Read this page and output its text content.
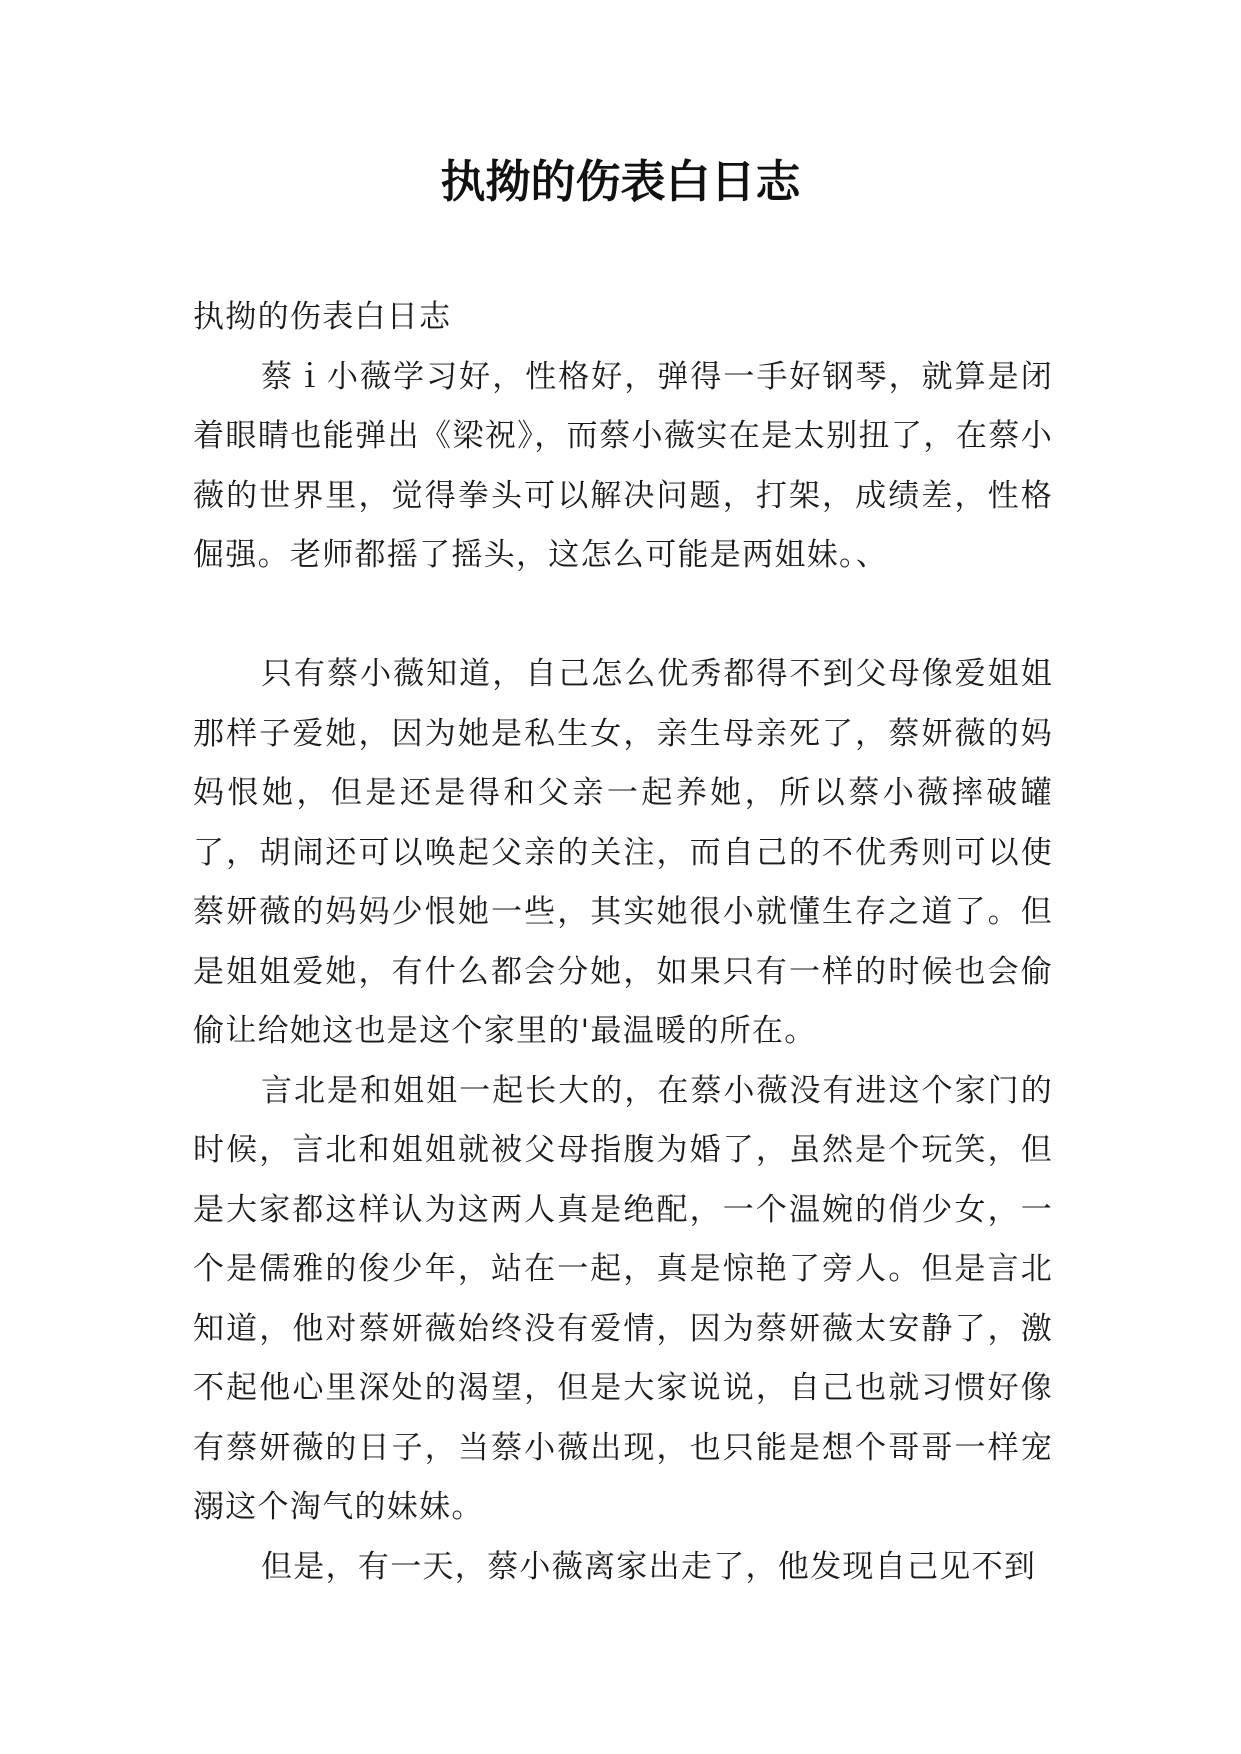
执拗的伤表白日志

执拗的伤表白日志

蔡ｉ小薇学习好，性格好，弹得一手好钢琴，就算是闭着眼睛也能弹出《梁祝》，而蔡小薇实在是太别扭了，在蔡小薇的世界里，觉得拳头可以解决问题，打架，成绩差，性格倔强。老师都摇了摇头，这怎么可能是两姐妹。、

只有蔡小薇知道，自己怎么优秀都得不到父母像爱姐姐那样子爱她，因为她是私生女，亲生母亲死了，蔡妍薇的妈妈恨她，但是还是得和父亲一起养她，所以蔡小薇摔破罐了，胡闹还可以唤起父亲的关注，而自己的不优秀则可以使蔡妍薇的妈妈少恨她一些，其实她很小就懂生存之道了。但是姐姐爱她，有什么都会分她，如果只有一样的时候也会偷偷让给她这也是这个家里的'最温暖的所在。

言北是和姐姐一起长大的，在蔡小薇没有进这个家门的时候，言北和姐姐就被父母指腹为婚了，虽然是个玩笑，但是大家都这样认为这两人真是绝配，一个温婉的俏少女，一个是儒雅的俊少年，站在一起，真是惊艳了旁人。但是言北知道，他对蔡妍薇始终没有爱情，因为蔡妍薇太安静了，激不起他心里深处的渴望，但是大家说说，自己也就习惯好像有蔡妍薇的日子，当蔡小薇出现，也只能是想个哥哥一样宠溺这个淘气的妹妹。

但是，有一天，蔡小薇离家出走了，他发现自己见不到
